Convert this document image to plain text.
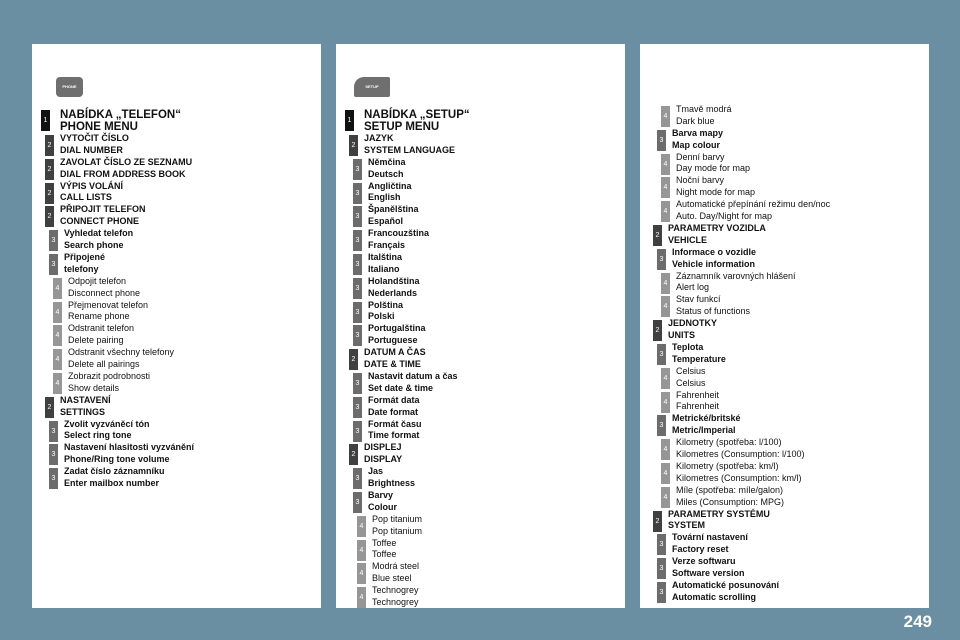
PHONE
1 NABÍDKA „TELEFON“
PHONE MENU
2
VYTOČIT ČÍSLO
DIAL NUMBER
2
ZAVOLAT ČÍSLO ZE SEZNAMU
DIAL FROM ADDRESS BOOK
2
VÝPIS VOLÁNÍ
CALL LISTS
2
PŘIPOJIT TELEFON
CONNECT PHONE
3
Vyhledat telefon
Search phone
3
Připojené
telefony
4
Odpojit telefon
Disconnect phone
4
Přejmenovat telefon
Rename phone
4
Odstranit telefon
Delete pairing
4
Odstranit všechny telefony
Delete all pairings
4
Zobrazit podrobnosti
Show details
2
NASTAVENÍ
SETTINGS
3
Zvolit vyzváněcí tón
Select ring tone
3
Nastavení hlasitosti vyzvánění
Phone/Ring tone volume
3
Zadat číslo záznamníku
Enter mailbox number
SETUP
1 NABÍDKA „SETUP“
SETUP MENU
2
JAZYK
SYSTEM LANGUAGE
3
Němčina
Deutsch
3
Angličtina
English
3
Španělština
Español
3
Francouzština
Français
3
Italština
Italiano
3
Holandština
Nederlands
3
Polština
Polski
3
Portugalština
Portuguese
2
DATUM A ČAS
DATE & TIME
3
Nastavit datum a čas
Set date & time
3
Formát data
Date format
3
Formát času
Time format
2
DISPLEJ
DISPLAY
3
Jas
Brightness
3
Barvy
Colour
4
Pop titanium
Pop titanium
4
Toffee
Toffee
4
Modrá steel
Blue steel
4
Technogrey
Technogrey
4
Tmavě modrá
Dark blue
3
Barva mapy
Map colour
4
Denní barvy
Day mode for map
4
Noční barvy
Night mode for map
4
Automatické přepínání režimu den/noc
Auto. Day/Night for map
2
PARAMETRY VOZIDLA
VEHICLE
3
Informace o vozidle
Vehicle information
4
Záznamník varovných hlášení
Alert log
4
Stav funkcí
Status of functions
2
JEDNOTKY
UNITS
3
Teplota
Temperature
4
Celsius
Celsius
4
Fahrenheit
Fahrenheit
3
Metrické/britské
Metric/Imperial
4
Kilometry (spotřeba: l/100)
Kilometres (Consumption: l/100)
4
Kilometry (spotřeba: km/l)
Kilometres (Consumption: km/l)
4
Míle (spotřeba: míle/galon)
Miles (Consumption: MPG)
2
PARAMETRY SYSTÉMU
SYSTEM
3
Tovární nastavení
Factory reset
3
Verze softwaru
Software version
3
Automatické posunování
Automatic scrolling
249
